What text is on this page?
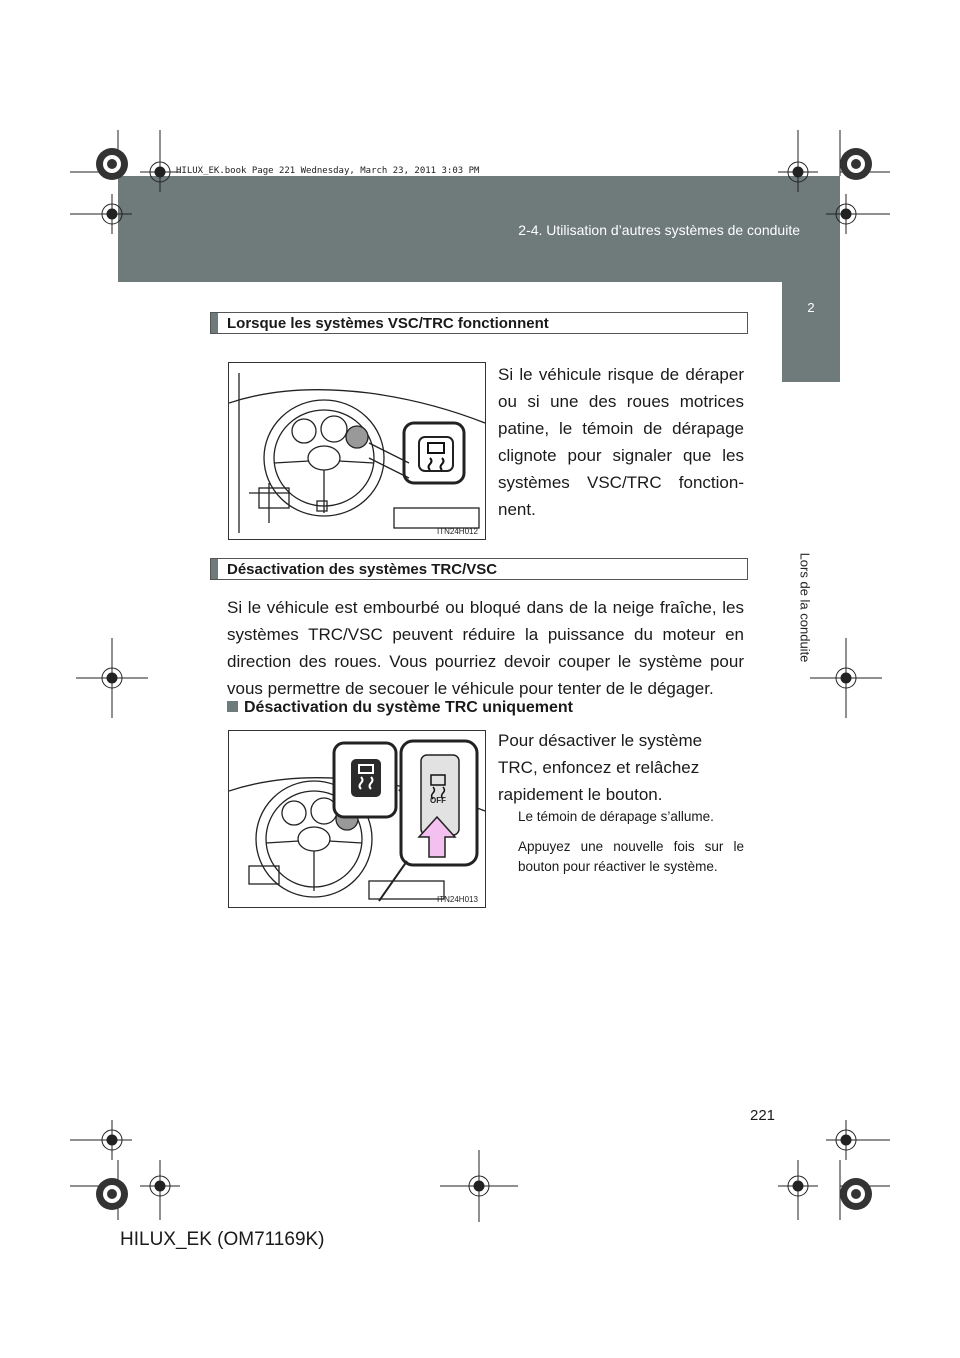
2-4. Utilisation d’autres systèmes de conduite
HILUX_EK.book Page 221 Wednesday, March 23, 2011 3:03 PM
2
Lors de la conduite
Lorsque les systèmes VSC/TRC fonctionnent
ITN24H012
Si le véhicule risque de déraper ou si une des roues motrices patine, le témoin de dérapage clignote pour signaler que les systèmes VSC/TRC fonction-nent.
Désactivation des systèmes TRC/VSC
Si le véhicule est embourbé ou bloqué dans de la neige fraîche, les systèmes TRC/VSC peuvent réduire la puissance du moteur en direction des roues. Vous pourriez devoir couper le système pour vous permettre de secouer le véhicule pour tenter de le dégager.
Désactivation du système TRC uniquement
ITN24H013
OFF
Pour désactiver le système TRC, enfoncez et relâchez rapidement le bouton.
Le témoin de dérapage s’allume.
Appuyez une nouvelle fois sur le bouton pour réactiver le système.
221
HILUX_EK (OM71169K)
